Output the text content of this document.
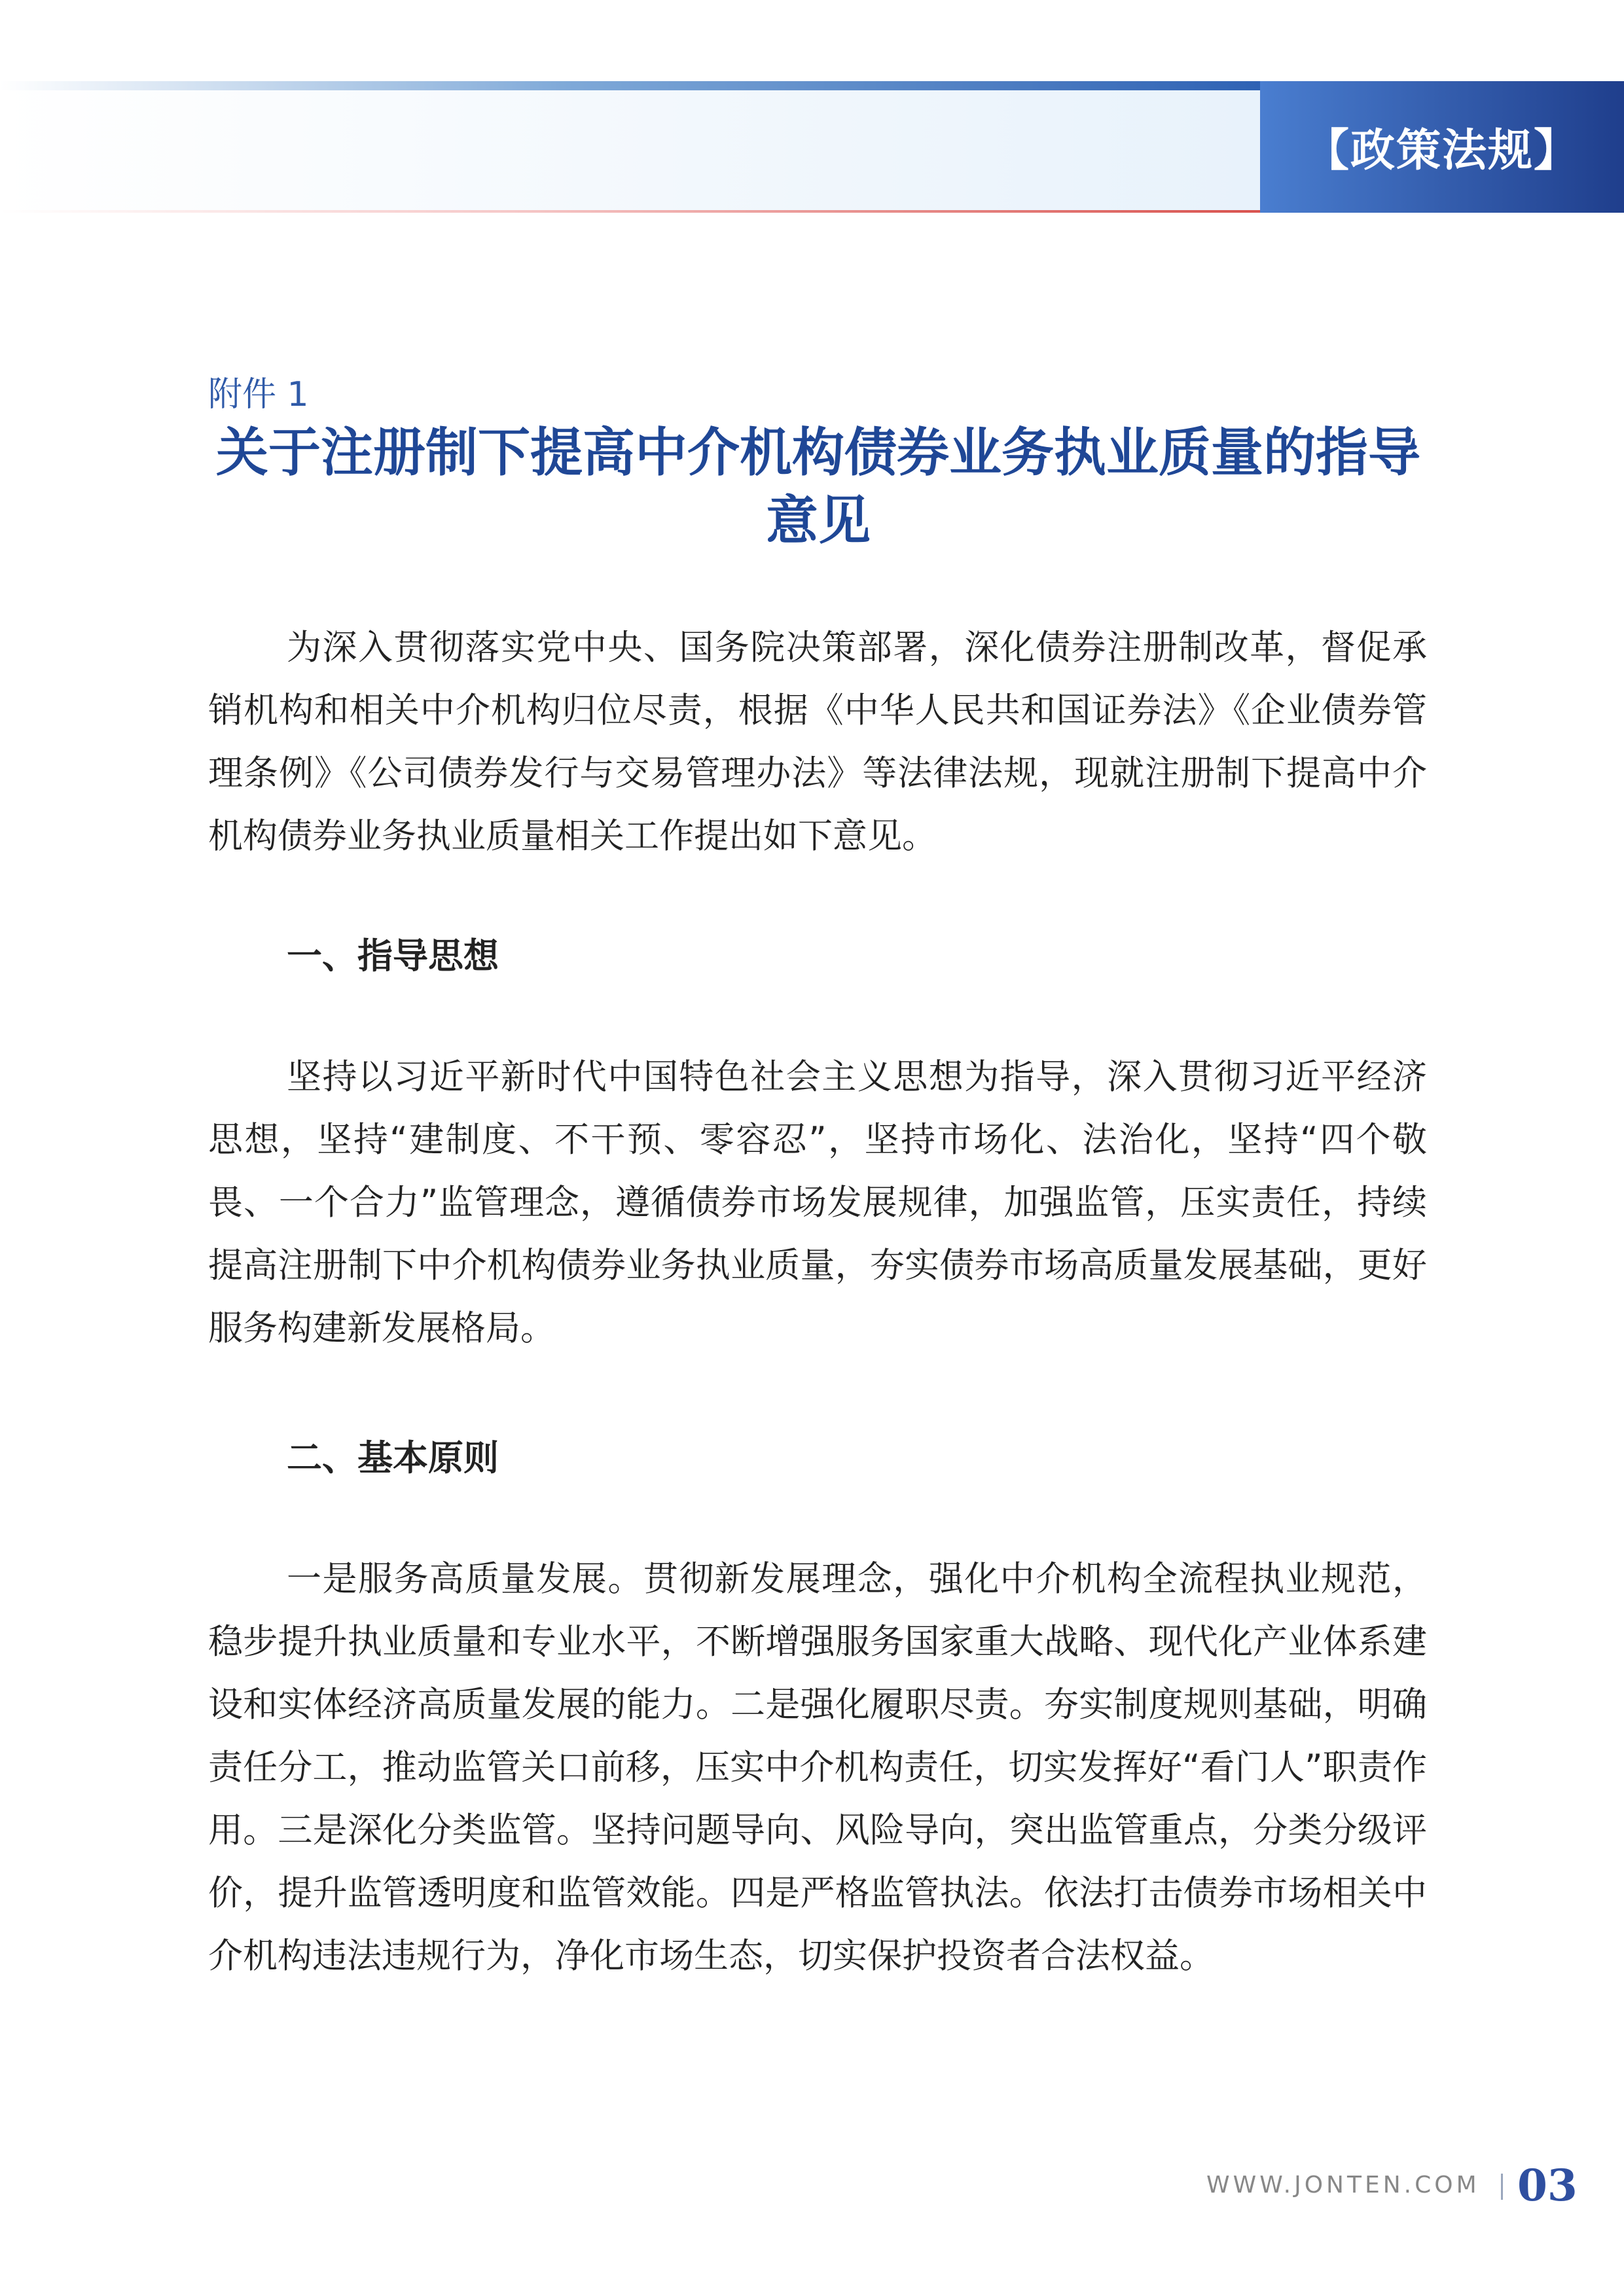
【政策法规】
附件 1
关于注册制下提高中介机构债券业务执业质量的指导意见

为深入贯彻落实党中央、国务院决策部署，深化债券注册制改革，督促承销机构和相关中介机构归位尽责，根据《中华人民共和国证券法》《企业债券管理条例》《公司债券发行与交易管理办法》等法律法规，现就注册制下提高中介机构债券业务执业质量相关工作提出如下意见。

一、指导思想

坚持以习近平新时代中国特色社会主义思想为指导，深入贯彻习近平经济思想，坚持“建制度、不干预、零容忍”，坚持市场化、法治化，坚持“四个敬畏、一个合力”监管理念，遵循债券市场发展规律，加强监管，压实责任，持续提高注册制下中介机构债券业务执业质量，夯实债券市场高质量发展基础，更好服务构建新发展格局。

二、基本原则

一是服务高质量发展。贯彻新发展理念，强化中介机构全流程执业规范，稳步提升执业质量和专业水平，不断增强服务国家重大战略、现代化产业体系建设和实体经济高质量发展的能力。二是强化履职尽责。夯实制度规则基础，明确责任分工，推动监管关口前移，压实中介机构责任，切实发挥好“看门人”职责作用。三是深化分类监管。坚持问题导向、风险导向，突出监管重点，分类分级评价，提升监管透明度和监管效能。四是严格监管执法。依法打击债券市场相关中介机构违法违规行为，净化市场生态，切实保护投资者合法权益。

WWW.JONTEN.COM 03
